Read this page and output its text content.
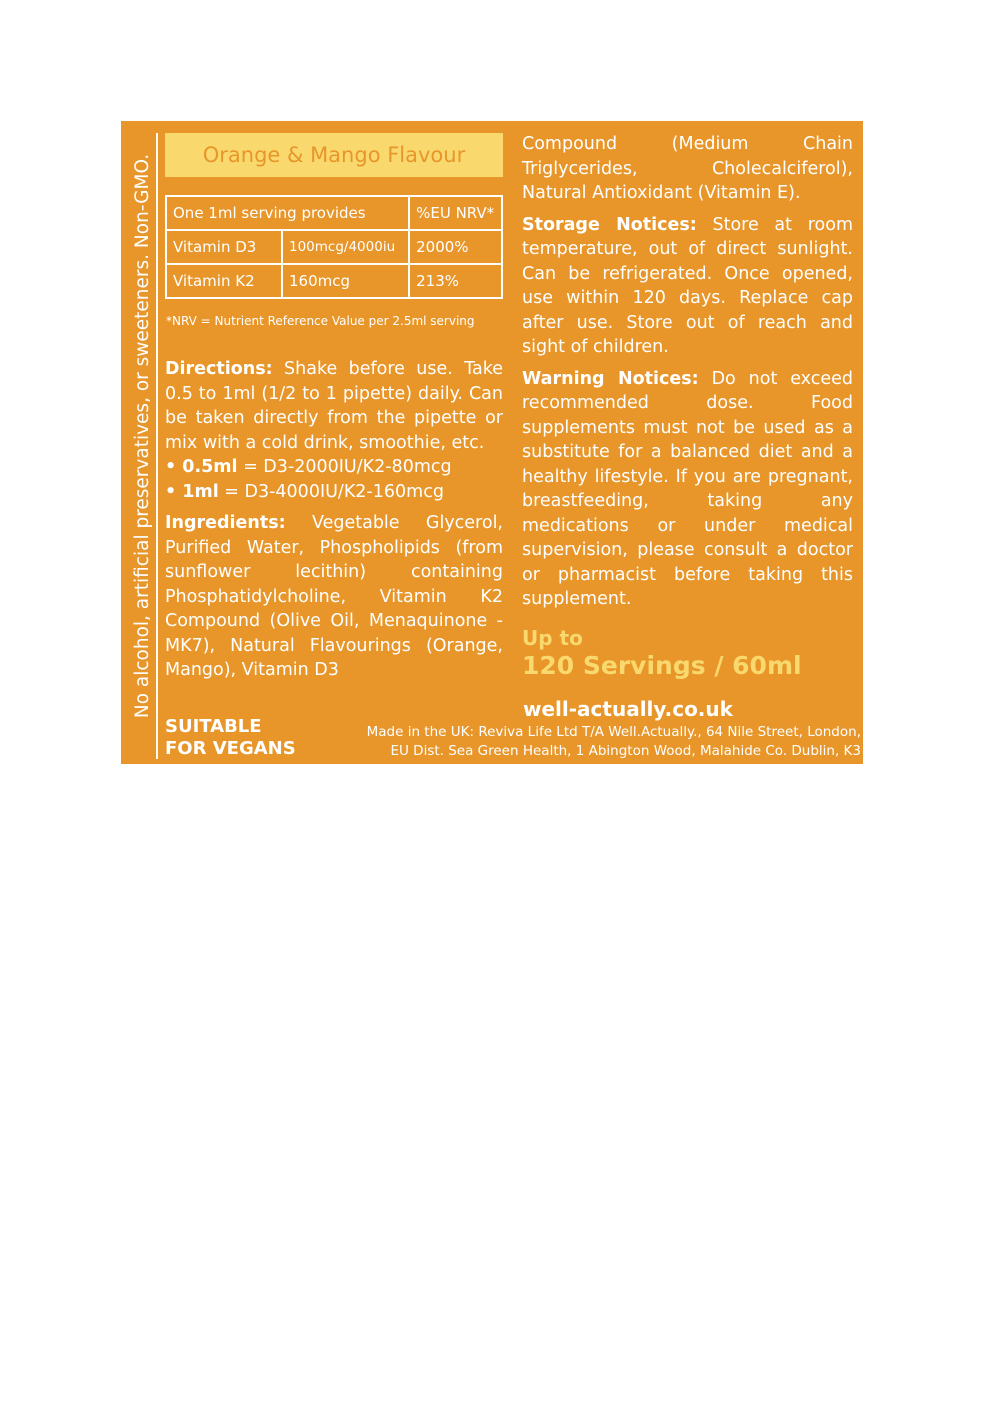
No alcohol, artificial preservatives, or sweeteners. Non-GMO.	Orange & Mango Flavour
One 1ml serving provides		%EU NRV*
Vitamin D3	100mcg/4000iu	2000%
Vitamin K2	160mcg	213%
*NRV = Nutrient Reference Value per 2.5ml serving
Directions: Shake before use. Take 0.5 to 1ml (1/2 to 1 pipette) daily. Can be taken directly from the pipette or mix with a cold drink, smoothie, etc.
• 0.5ml = D3-2000IU/K2-80mcg
• 1ml = D3-4000IU/K2-160mcg
Ingredients: Vegetable Glycerol, Purified Water, Phospholipids (from sunflower lecithin) containing Phosphatidylcholine, Vitamin K2 Compound (Olive Oil, Menaquinone - MK7), Natural Flavourings (Orange, Mango), Vitamin D3
Compound (Medium Chain Triglycerides, Cholecalciferol), Natural Antioxidant (Vitamin E).
Storage Notices: Store at room temperature, out of direct sunlight. Can be refrigerated. Once opened, use within 120 days. Replace cap after use. Store out of reach and sight of children.
Warning Notices: Do not exceed recommended dose. Food supplements must not be used as a substitute for a balanced diet and a healthy lifestyle. If you are pregnant, breastfeeding, taking any medications or under medical supervision, please consult a doctor or pharmacist before taking this supplement.
Up to
120 Servings / 60ml
well-actually.co.uk
SUITABLE
FOR VEGANS
Made in the UK: Reviva Life Ltd T/A Well.Actually., 64 Nile Street, London,
EU Dist. Sea Green Health, 1 Abington Wood, Malahide Co. Dublin, K3
